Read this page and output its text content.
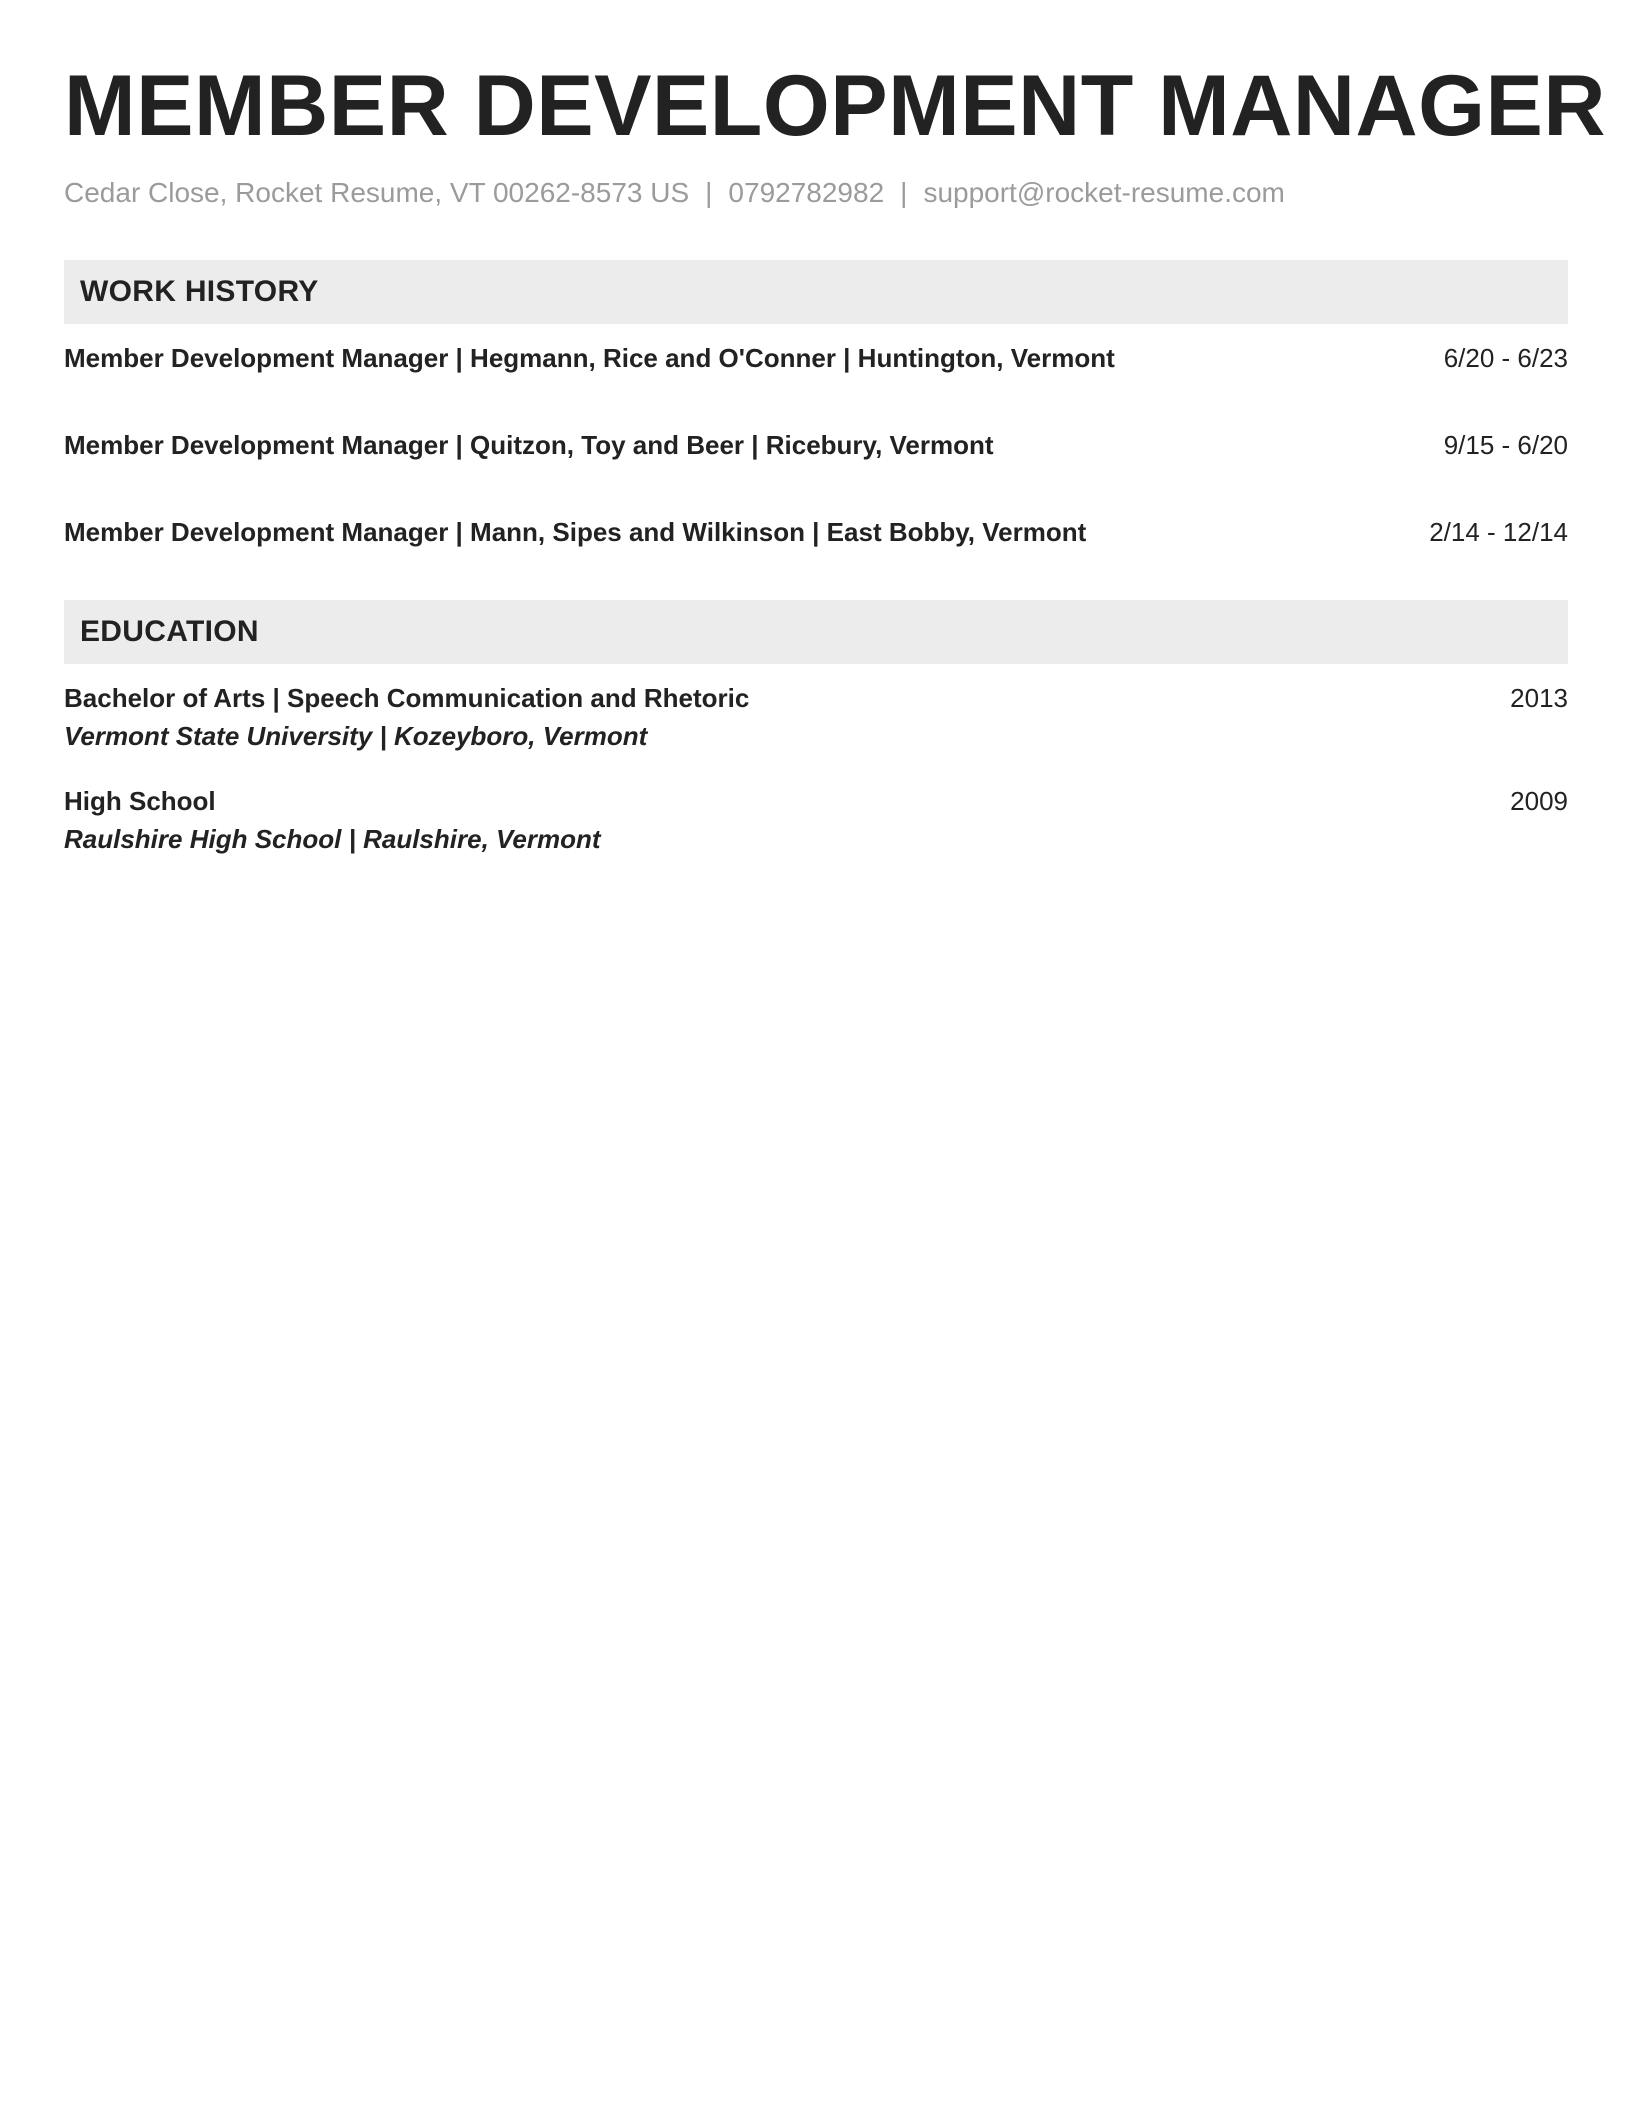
MEMBER DEVELOPMENT MANAGER
Cedar Close, Rocket Resume, VT 00262-8573 US | 0792782982 | support@rocket-resume.com
WORK HISTORY
Member Development Manager | Hegmann, Rice and O'Conner | Huntington, Vermont	6/20 - 6/23
Member Development Manager | Quitzon, Toy and Beer | Ricebury, Vermont	9/15 - 6/20
Member Development Manager | Mann, Sipes and Wilkinson | East Bobby, Vermont	2/14 - 12/14
EDUCATION
Bachelor of Arts | Speech Communication and Rhetoric
Vermont State University | Kozeyboro, Vermont
2013
High School
Raulshire High School | Raulshire, Vermont
2009
